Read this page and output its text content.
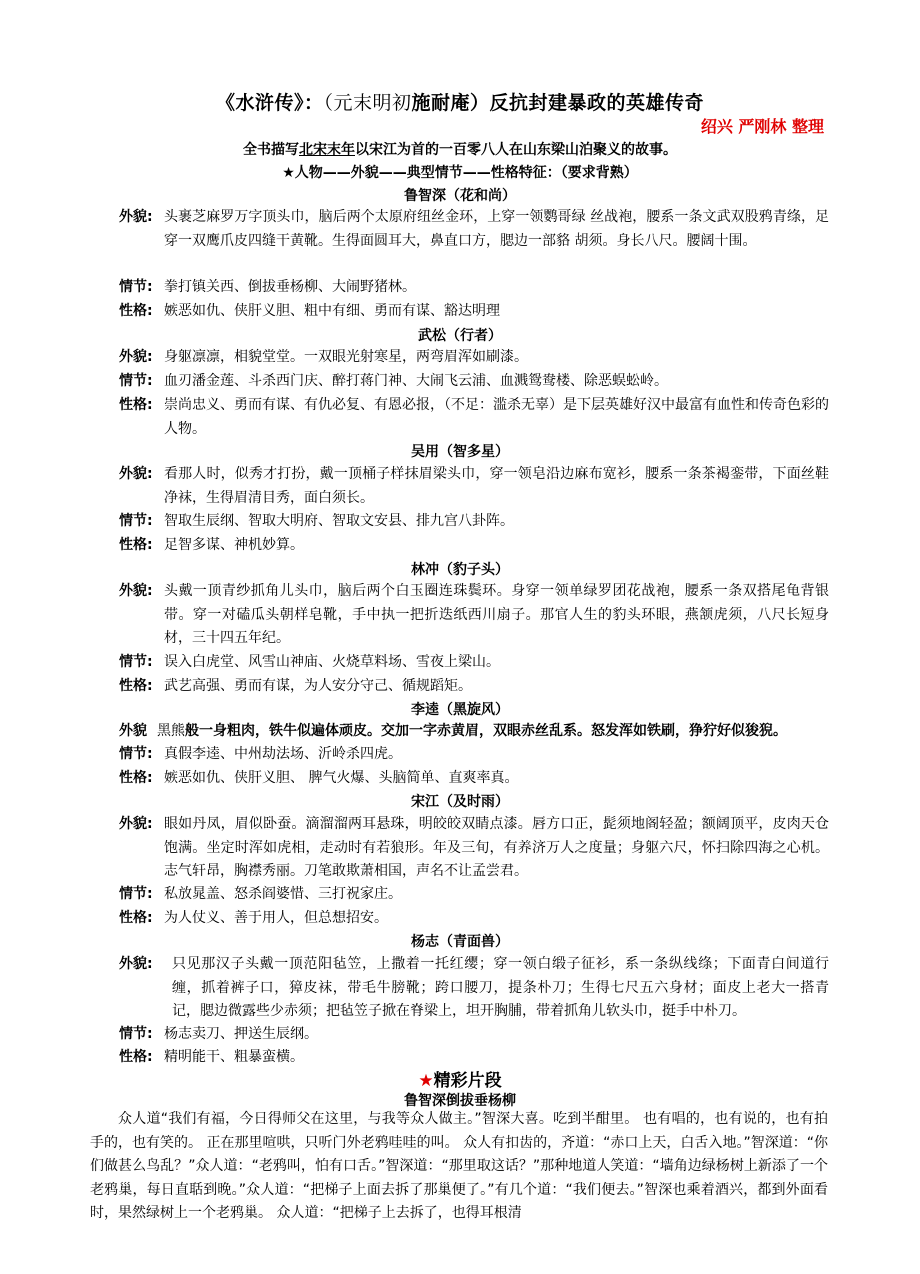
《水浒传》：（元末明初施耐庵）反抗封建暴政的英雄传奇
绍兴 严刚林 整理
全书描写北宋末年以宋江为首的一百零八人在山东梁山泊聚义的故事。
★人物——外貌——典型情节——性格特征：（要求背熟）
鲁智深（花和尚）
外貌: 头裹芝麻罗万字顶头巾，脑后两个太原府纽丝金环，上穿一领鹦哥绿 丝战袍，腰系一条文武双股鸦青绦，足穿一双鹰爪皮四缝干黄靴。生得面圆耳大，鼻直口方，腮边一部貉 胡须。身长八尺。腰阔十围。
情节: 拳打镇关西、倒拔垂杨柳、大闹野猪林。
性格: 嫉恶如仇、侠肝义胆、粗中有细、勇而有谋、豁达明理
武松（行者）
外貌: 身躯凛凛，相貌堂堂。一双眼光射寒星，两弯眉浑如刷漆。
情节: 血刃潘金莲、斗杀西门庆、醉打蒋门神、大闹飞云浦、血溅鸳鸯楼、除恶蜈蚣岭。
性格: 崇尚忠义、勇而有谋、有仇必复、有恩必报，（不足：滥杀无辜）是下层英雄好汉中最富有血性和传奇色彩的人物。
吴用（智多星）
外貌: 看那人时，似秀才打扮，戴一顶桶子样抹眉梁头巾，穿一领皂沿边麻布宽衫，腰系一条茶褐銮带，下面丝鞋净袜，生得眉清目秀，面白须长。
情节: 智取生辰纲、智取大明府、智取文安县、排九宫八卦阵。
性格: 足智多谋、神机妙算。
林冲（豹子头）
外貌: 头戴一顶青纱抓角儿头巾，脑后两个白玉圈连珠鬓环。身穿一领单绿罗团花战袍，腰系一条双搭尾龟背银带。穿一对磕瓜头朝样皂靴，手中执一把折迭纸西川扇子。那官人生的豹头环眼，燕颔虎须，八尺长短身材，三十四五年纪。
情节: 误入白虎堂、风雪山神庙、火烧草料场、雪夜上梁山。
性格: 武艺高强、勇而有谋，为人安分守己、循规蹈矩。
李逵（黑旋风）
外貌 黑熊般一身粗肉，铁牛似遍体顽皮。交加一字赤黄眉，双眼赤丝乱系。怒发浑如铁刷，狰狞好似狻猊。
情节: 真假李逵、中州劫法场、沂岭杀四虎。
性格: 嫉恶如仇、侠肝义胆、 脾气火爆、头脑简单、直爽率真。
宋江（及时雨）
外貌: 眼如丹凤，眉似卧蚕。滴溜溜两耳悬珠，明皎皎双睛点漆。唇方口正，髭须地阁轻盈；额阔顶平，皮肉天仓饱满。坐定时浑如虎相，走动时有若狼形。年及三旬，有养济万人之度量；身躯六尺，怀扫除四海之心机。志气轩昂，胸襟秀丽。刀笔敢欺萧相国，声名不让孟尝君。
情节: 私放晁盖、怒杀阎婆惜、三打祝家庄。
性格: 为人仗义、善于用人，但总想招安。
杨志（青面兽）
外貌:	只见那汉子头戴一顶范阳毡笠，上撒着一托红缨；穿一领白缎子征衫，系一条纵线绦；下面青白间道行缠，抓着裤子口，獐皮袜，带毛牛膀靴；跨口腰刀，提条朴刀；生得七尺五六身材；面皮上老大一搭青记，腮边微露些少赤须；把毡笠子掀在脊梁上，坦开胸脯，带着抓角儿软头巾，挺手中朴刀。
情节: 杨志卖刀、押送生辰纲。
性格: 精明能干、粗暴蛮横。
★精彩片段
鲁智深倒拔垂杨柳
众人道“我们有福，今日得师父在这里，与我等众人做主。”智深大喜。吃到半酣里。 也有唱的，也有说的，也有拍手的，也有笑的。 正在那里喧哄，只听门外老鸦哇哇的叫。 众人有扣齿的，齐道：“赤口上天，白舌入地。”智深道：“你们做甚么鸟乱？”众人道：“老鸦叫，怕有口舌。”智深道：“那里取这话？”那种地道人笑道：“墙角边绿杨树上新添了一个老鸦巢，每日直聒到晚。”众人道：“把梯子上面去拆了那巢便了。”有几个道：“我们便去。”智深也乘着酒兴，都到外面看时，果然绿树上一个老鸦巢。 众人道：“把梯子上去拆了，也得耳根清
